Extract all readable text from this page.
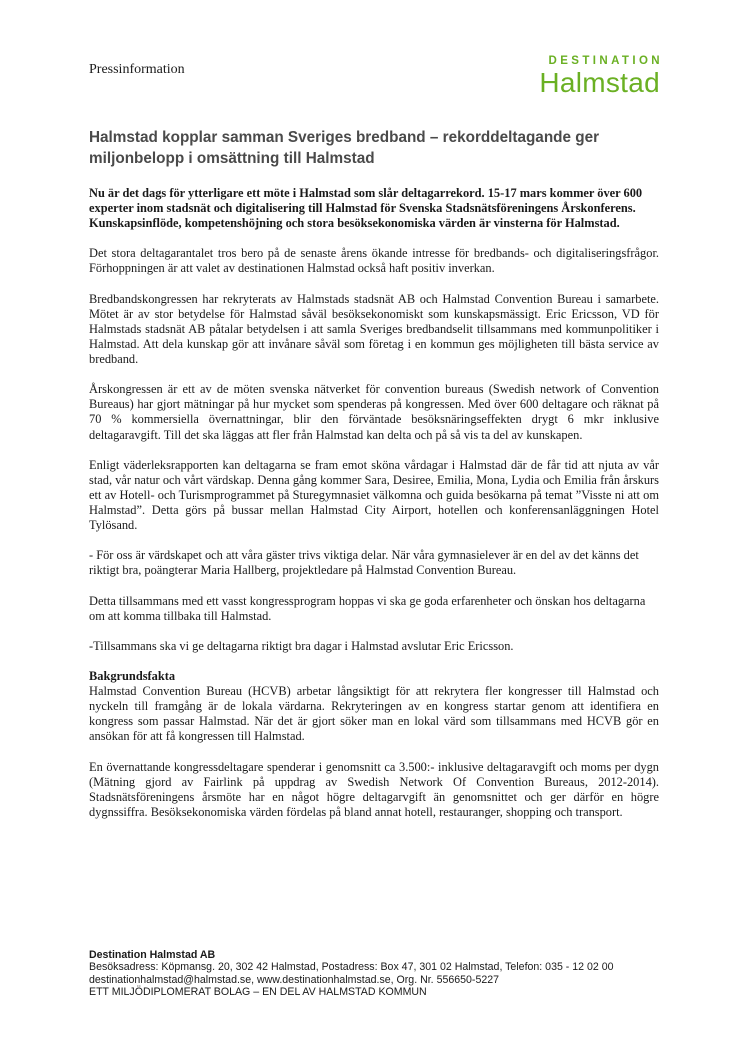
Pressinformation
DESTINATION
Halmstad
Halmstad kopplar samman Sveriges bredband – rekorddeltagande ger miljonbelopp i omsättning till Halmstad

Nu är det dags för ytterligare ett möte i Halmstad som slår deltagarrekord. 15-17 mars kommer över 600 experter inom stadsnät och digitalisering till Halmstad för Svenska Stadsnätsföreningens Årskonferens. Kunskapsinflöde, kompetenshöjning och stora besöksekonomiska värden är vinsterna för Halmstad.

Det stora deltagarantalet tros bero på de senaste årens ökande intresse för bredbands- och digitaliseringsfrågor. Förhoppningen är att valet av destinationen Halmstad också haft positiv inverkan.

Bredbandskongressen har rekryterats av Halmstads stadsnät AB och Halmstad Convention Bureau i samarbete. Mötet är av stor betydelse för Halmstad såväl besöksekonomiskt som kunskapsmässigt. Eric Ericsson, VD för Halmstads stadsnät AB påtalar betydelsen i att samla Sveriges bredbandselit tillsammans med kommunpolitiker i Halmstad. Att dela kunskap gör att invånare såväl som företag i en kommun ges möjligheten till bästa service av bredband.

Årskongressen är ett av de möten svenska nätverket för convention bureaus (Swedish network of Convention Bureaus) har gjort mätningar på hur mycket som spenderas på kongressen. Med över 600 deltagare och räknat på 70 % kommersiella övernattningar, blir den förväntade besöksnäringseffekten drygt 6 mkr inklusive deltagaravgift. Till det ska läggas att fler från Halmstad kan delta och på så vis ta del av kunskapen.

Enligt väderleksrapporten kan deltagarna se fram emot sköna vårdagar i Halmstad där de får tid att njuta av vår stad, vår natur och vårt värdskap. Denna gång kommer Sara, Desiree, Emilia, Mona, Lydia och Emilia från årskurs ett av Hotell- och Turismprogrammet på Sturegymnasiet välkomna och guida besökarna på temat ”Visste ni att om Halmstad”. Detta görs på bussar mellan Halmstad City Airport, hotellen och konferensanläggningen Hotel Tylösand.

- För oss är värdskapet och att våra gäster trivs viktiga delar. När våra gymnasielever är en del av det känns det riktigt bra, poängterar Maria Hallberg, projektledare på Halmstad Convention Bureau.

Detta tillsammans med ett vasst kongressprogram hoppas vi ska ge goda erfarenheter och önskan hos deltagarna om att komma tillbaka till Halmstad.

-Tillsammans ska vi ge deltagarna riktigt bra dagar i Halmstad avslutar Eric Ericsson.

Bakgrundsfakta
Halmstad Convention Bureau (HCVB) arbetar långsiktigt för att rekrytera fler kongresser till Halmstad och nyckeln till framgång är de lokala värdarna. Rekryteringen av en kongress startar genom att identifiera en kongress som passar Halmstad. När det är gjort söker man en lokal värd som tillsammans med HCVB gör en ansökan för att få kongressen till Halmstad.

En övernattande kongressdeltagare spenderar i genomsnitt ca 3.500:- inklusive deltagaravgift och moms per dygn (Mätning gjord av Fairlink på uppdrag av Swedish Network Of Convention Bureaus, 2012-2014). Stadsnätsföreningens årsmöte har en något högre deltagarvgift än genomsnittet och ger därför en högre dygnssiffra. Besöksekonomiska värden fördelas på bland annat hotell, restauranger, shopping och transport.

Destination Halmstad AB
Besöksadress: Köpmansg. 20, 302 42 Halmstad, Postadress: Box 47, 301 02 Halmstad, Telefon: 035 - 12 02 00
destinationhalmstad@halmstad.se, www.destinationhalmstad.se, Org. Nr. 556650-5227
ETT MILJÖDIPLOMERAT BOLAG – EN DEL AV HALMSTAD KOMMUN
